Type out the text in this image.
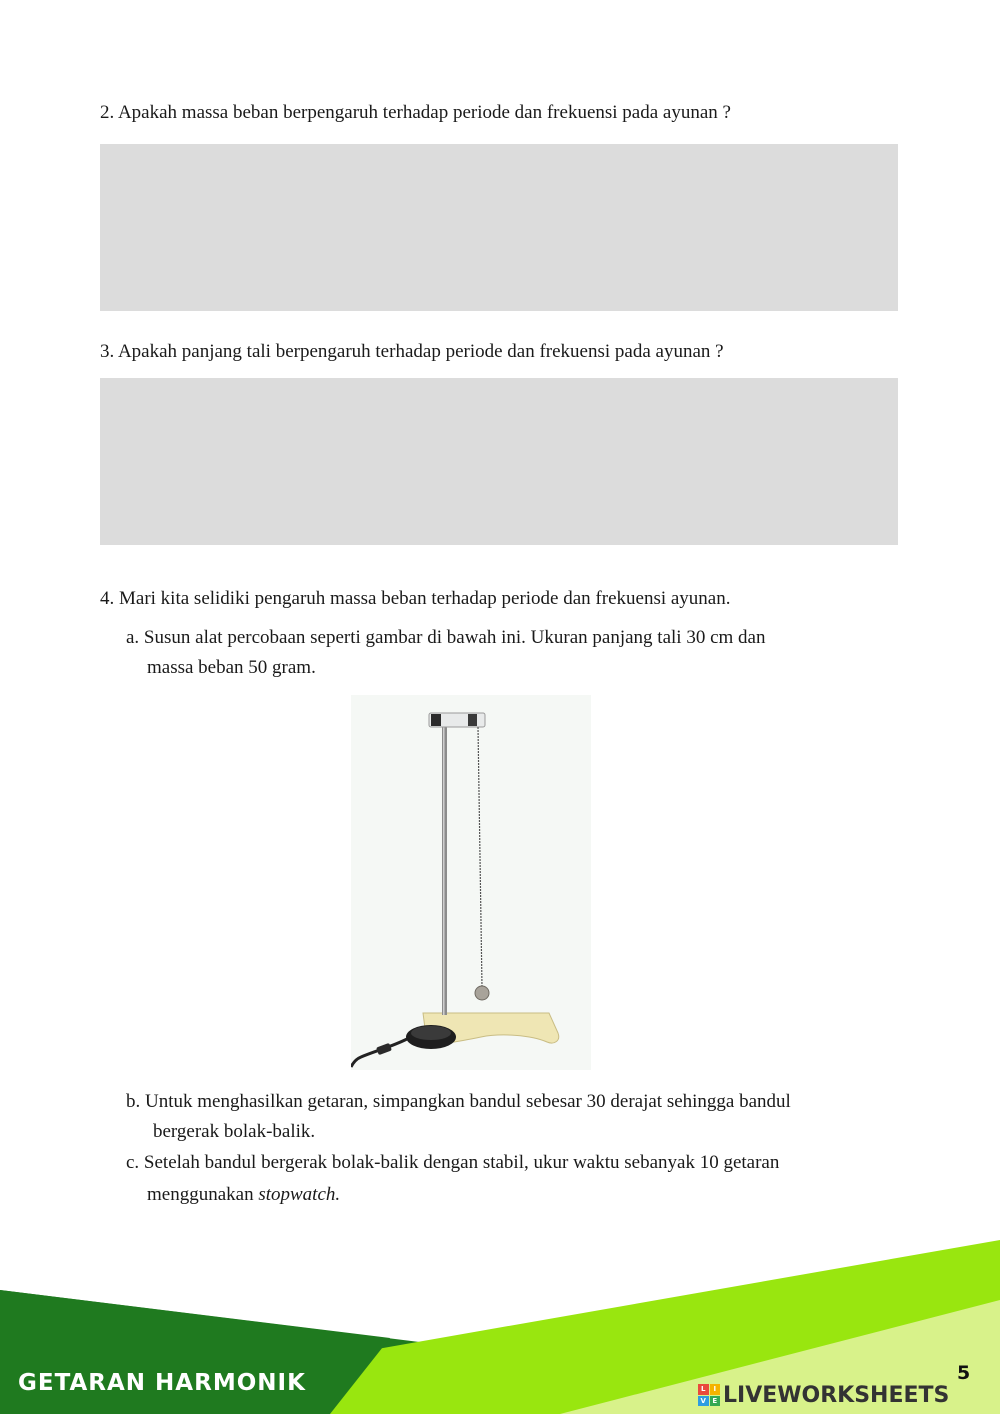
2. Apakah massa beban berpengaruh terhadap periode dan frekuensi pada ayunan ?
3. Apakah panjang tali berpengaruh terhadap periode dan frekuensi pada ayunan ?
4. Mari kita selidiki pengaruh massa beban terhadap periode dan frekuensi ayunan.
a. Susun alat percobaan seperti gambar di bawah ini. Ukuran panjang tali 30 cm dan
massa beban 50 gram.
b. Untuk menghasilkan getaran, simpangkan bandul sebesar 30 derajat sehingga bandul
bergerak bolak-balik.
c. Setelah bandul bergerak bolak-balik dengan stabil, ukur waktu sebanyak 10 getaran
menggunakan stopwatch.
GETARAN HARMONIK	5
L	I
V E LIVEWORKSHEETS
